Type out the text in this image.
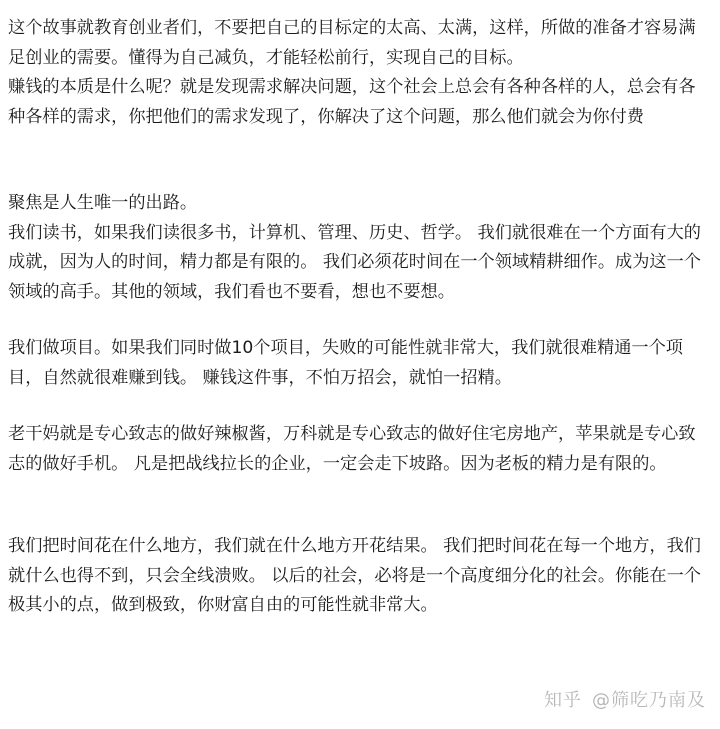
这个故事就教育创业者们，不要把自己的目标定的太高、太满，这样，所做的准备才容易满足创业的需要。懂得为自己减负，才能轻松前行，实现自己的目标。

赚钱的本质是什么呢？就是发现需求解决问题，这个社会上总会有各种各样的人，总会有各种各样的需求，你把他们的需求发现了，你解决了这个问题，那么他们就会为你付费

聚焦是人生唯一的出路。

我们读书，如果我们读很多书，计算机、管理、历史、哲学。 我们就很难在一个方面有大的成就，因为人的时间，精力都是有限的。 我们必须花时间在一个领域精耕细作。成为这一个领域的高手。其他的领域，我们看也不要看，想也不要想。

我们做项目。如果我们同时做10个项目，失败的可能性就非常大，我们就很难精通一个项目，自然就很难赚到钱。 赚钱这件事，不怕万招会，就怕一招精。

老干妈就是专心致志的做好辣椒酱，万科就是专心致志的做好住宅房地产，苹果就是专心致志的做好手机。 凡是把战线拉长的企业，一定会走下坡路。因为老板的精力是有限的。

我们把时间花在什么地方，我们就在什么地方开花结果。 我们把时间花在每一个地方，我们就什么也得不到，只会全线溃败。 以后的社会，必将是一个高度细分化的社会。你能在一个极其小的点，做到极致，你财富自由的可能性就非常大。

知乎 @筛吃乃南及
